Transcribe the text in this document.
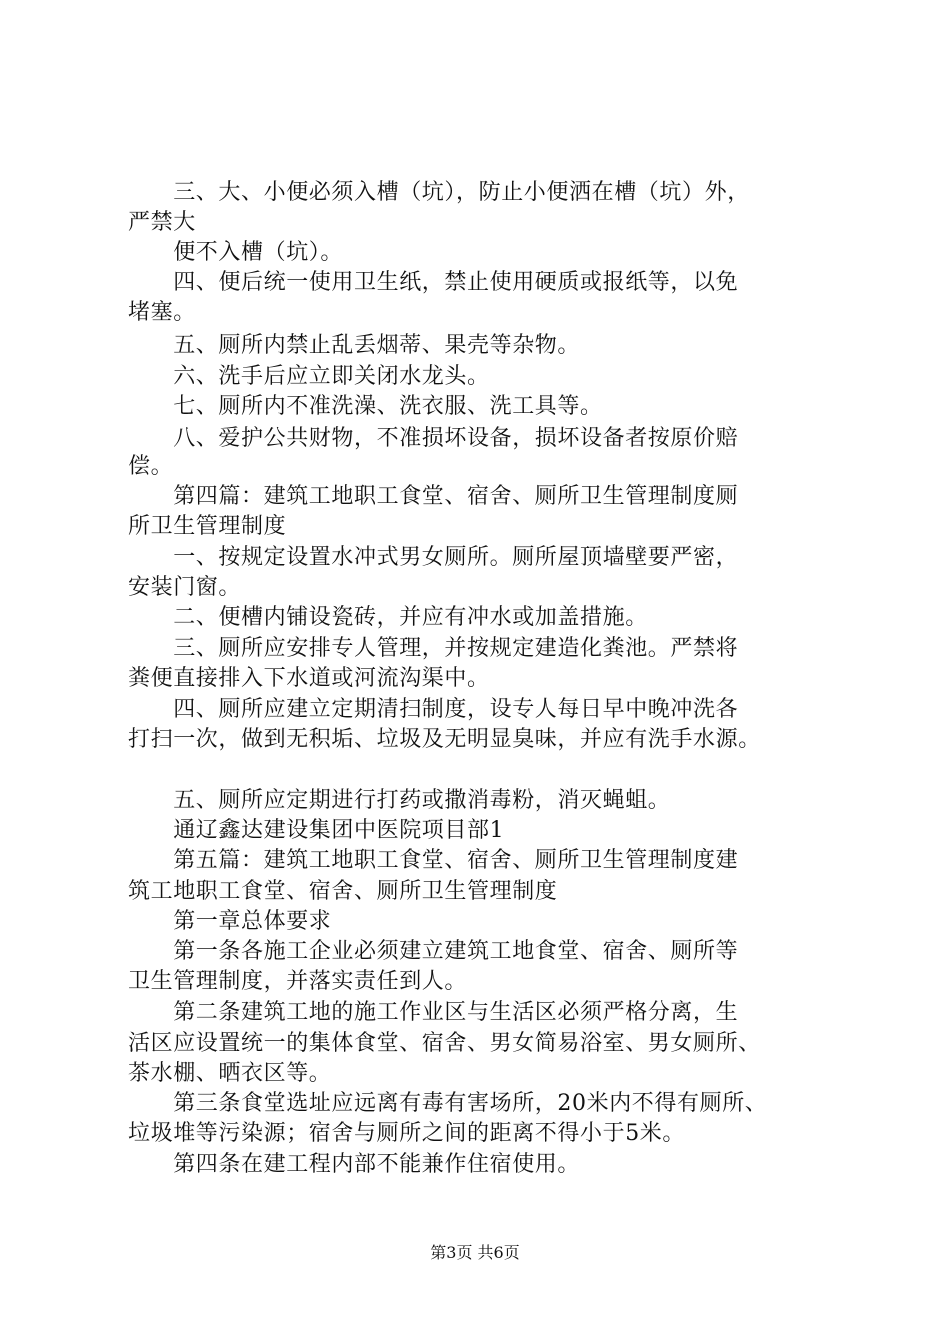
　　三、大、小便必须入槽（坑），防止小便洒在槽（坑）外，
严禁大
　　便不入槽（坑）。
　　四、便后统一使用卫生纸，禁止使用硬质或报纸等，以免
堵塞。
　　五、厕所内禁止乱丢烟蒂、果壳等杂物。
　　六、洗手后应立即关闭水龙头。
　　七、厕所内不准洗澡、洗衣服、洗工具等。
　　八、爱护公共财物，不准损坏设备，损坏设备者按原价赔
偿。
　　第四篇：建筑工地职工食堂、宿舍、厕所卫生管理制度厕
所卫生管理制度
　　一、按规定设置水冲式男女厕所。厕所屋顶墙壁要严密，
安装门窗。
　　二、便槽内铺设瓷砖，并应有冲水或加盖措施。
　　三、厕所应安排专人管理，并按规定建造化粪池。严禁将
粪便直接排入下水道或河流沟渠中。
　　四、厕所应建立定期清扫制度，设专人每日早中晚冲洗各
打扫一次，做到无积垢、垃圾及无明显臭味，并应有洗手水源。
　　五、厕所应定期进行打药或撒消毒粉，消灭蝇蛆。
　　通辽鑫达建设集团中医院项目部1
　　第五篇：建筑工地职工食堂、宿舍、厕所卫生管理制度建
筑工地职工食堂、宿舍、厕所卫生管理制度
　　第一章总体要求
　　第一条各施工企业必须建立建筑工地食堂、宿舍、厕所等
卫生管理制度，并落实责任到人。
　　第二条建筑工地的施工作业区与生活区必须严格分离，生
活区应设置统一的集体食堂、宿舍、男女简易浴室、男女厕所、
茶水棚、晒衣区等。
　　第三条食堂选址应远离有毒有害场所，20米内不得有厕所、
垃圾堆等污染源；宿舍与厕所之间的距离不得小于5米。
　　第四条在建工程内部不能兼作住宿使用。
第3页 共6页
